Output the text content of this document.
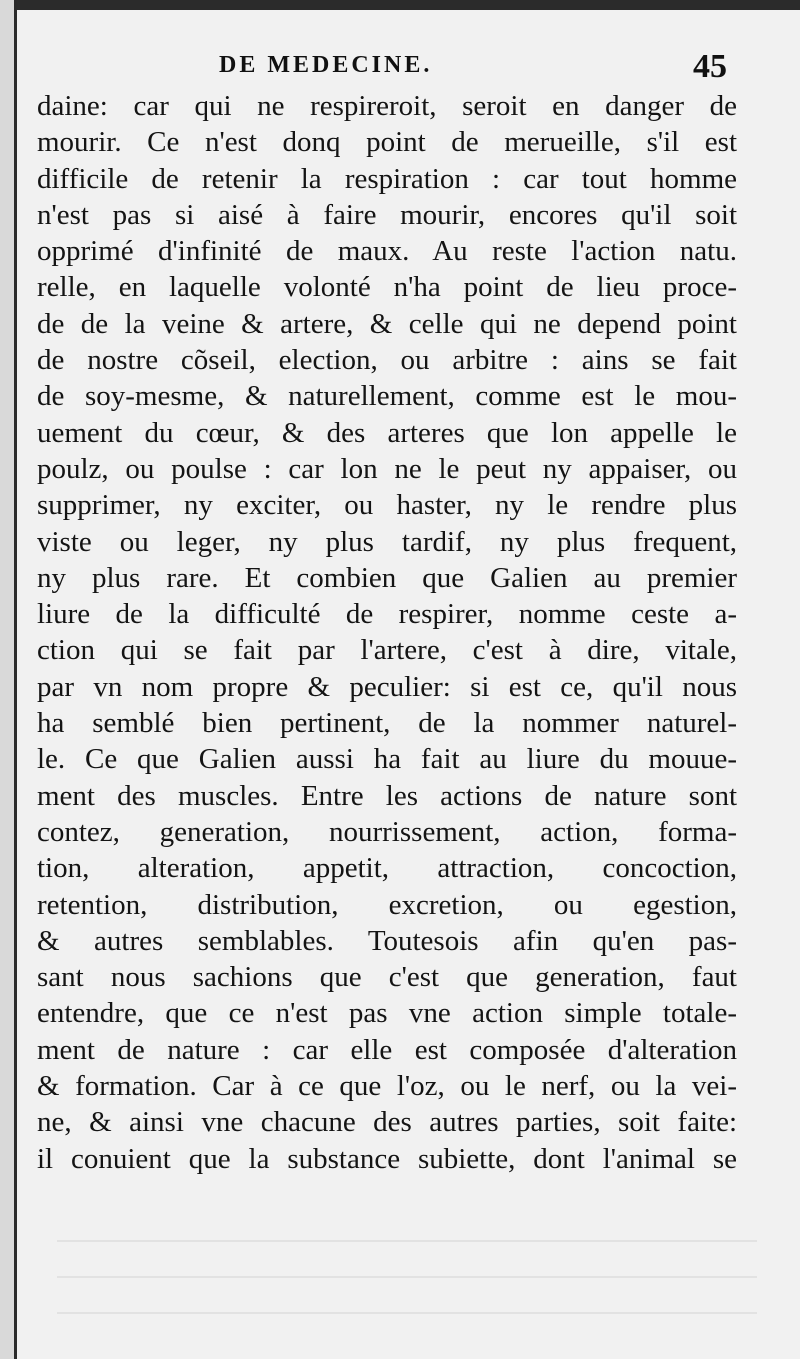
DE MEDECINE.	45
daine: car qui ne respireroit, seroit en danger de
mourir. Ce n'est donq point de merueille, s'il est
difficile de retenir la respiration : car tout homme
n'est pas si aisé à faire mourir, encores qu'il soit
opprimé d'infinité de maux. Au reste l'action natu.
relle, en laquelle volonté n'ha point de lieu proce-
de de la veine & artere, & celle qui ne depend point
de nostre cõseil, election, ou arbitre : ains se fait
de soy-mesme, & naturellement, comme est le mou-
uement du cœur, & des arteres que lon appelle le
poulz, ou poulse : car lon ne le peut ny appaiser, ou
supprimer, ny exciter, ou haster, ny le rendre plus
viste ou leger, ny plus tardif, ny plus frequent,
ny plus rare. Et combien que Galien au premier
liure de la difficulté de respirer, nomme ceste a-
ction qui se fait par l'artere, c'est à dire, vitale,
par vn nom propre & peculier: si est ce, qu'il nous
ha semblé bien pertinent, de la nommer naturel-
le. Ce que Galien aussi ha fait au liure du mouue-
ment des muscles. Entre les actions de nature sont
contez, generation, nourrissement, action, forma-
tion, alteration, appetit, attraction, concoction,
retention, distribution, excretion, ou egestion,
& autres semblables. Toutesois afin qu'en pas-
sant nous sachions que c'est que generation, faut
entendre, que ce n'est pas vne action simple totale-
ment de nature : car elle est composée d'alteration
& formation. Car à ce que l'oz, ou le nerf, ou la vei-
ne, & ainsi vne chacune des autres parties, soit faite:
il conuient que la substance subiette, dont l'animal se
